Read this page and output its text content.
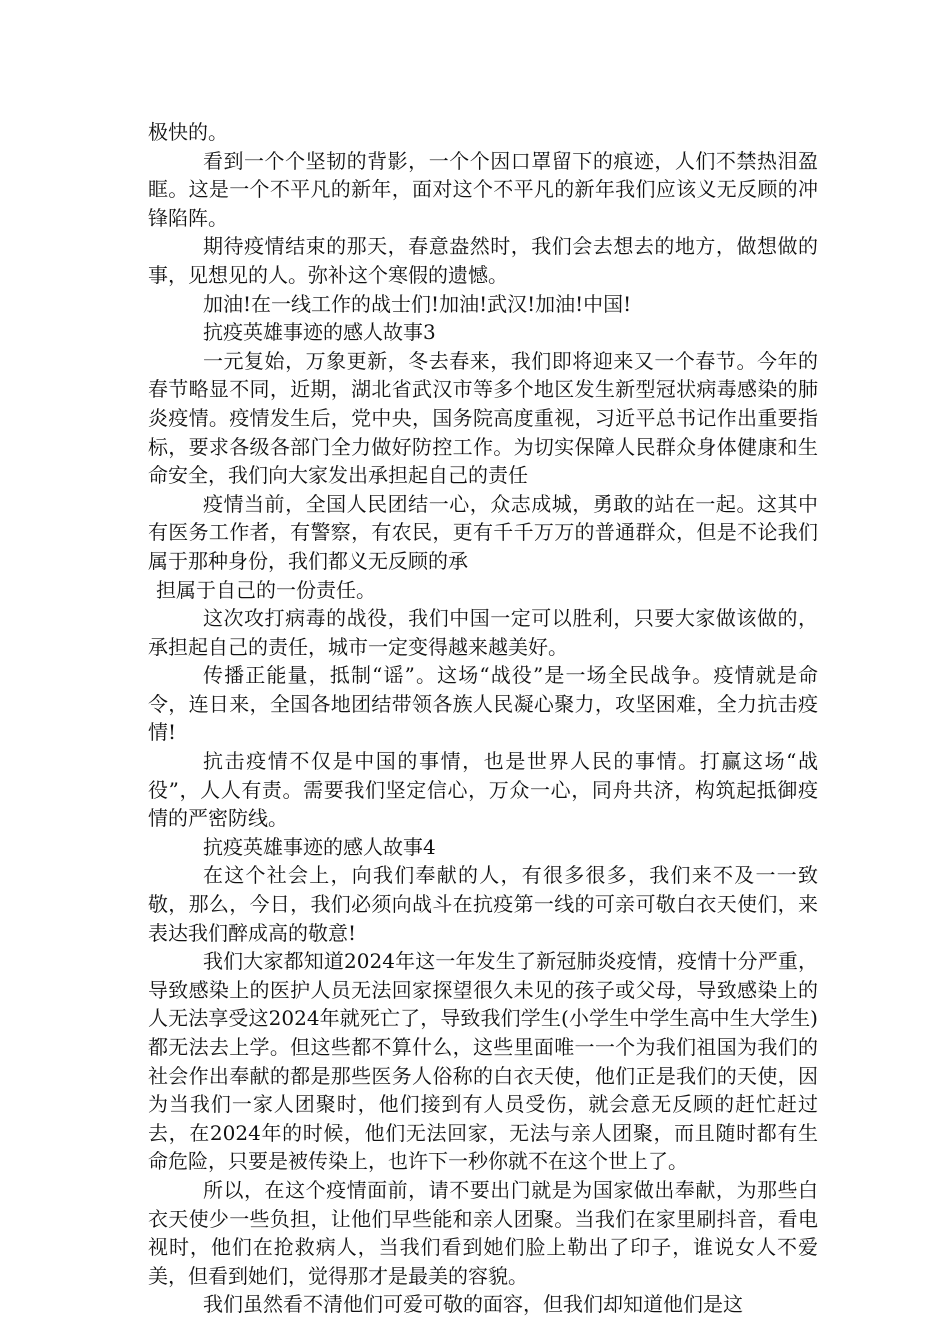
极快的。

看到一个个坚韧的背影，一个个因口罩留下的痕迹，人们不禁热泪盈眶。这是一个不平凡的新年，面对这个不平凡的新年我们应该义无反顾的冲锋陷阵。

期待疫情结束的那天，春意盎然时，我们会去想去的地方，做想做的事，见想见的人。弥补这个寒假的遗憾。

加油!在一线工作的战士们!加油!武汉!加油!中国!

抗疫英雄事迹的感人故事3

一元复始，万象更新，冬去春来，我们即将迎来又一个春节。今年的春节略显不同，近期，湖北省武汉市等多个地区发生新型冠状病毒感染的肺炎疫情。疫情发生后，党中央，国务院高度重视，习近平总书记作出重要指标，要求各级各部门全力做好防控工作。为切实保障人民群众身体健康和生命安全，我们向大家发出承担起自己的责任

疫情当前，全国人民团结一心，众志成城，勇敢的站在一起。这其中有医务工作者，有警察，有农民，更有千千万万的普通群众，但是不论我们属于那种身份，我们都义无反顾的承

担属于自己的一份责任。

这次攻打病毒的战役，我们中国一定可以胜利，只要大家做该做的，承担起自己的责任，城市一定变得越来越美好。

传播正能量，抵制“谣”。这场“战役”是一场全民战争。疫情就是命令，连日来，全国各地团结带领各族人民凝心聚力，攻坚困难，全力抗击疫情!

抗击疫情不仅是中国的事情，也是世界人民的事情。打赢这场“战役”，人人有责。需要我们坚定信心，万众一心，同舟共济，构筑起抵御疫情的严密防线。

抗疫英雄事迹的感人故事4

在这个社会上，向我们奉献的人，有很多很多，我们来不及一一致敬，那么，今日，我们必须向战斗在抗疫第一线的可亲可敬白衣天使们，来表达我们醉成高的敬意!

我们大家都知道2024年这一年发生了新冠肺炎疫情，疫情十分严重，导致感染上的医护人员无法回家探望很久未见的孩子或父母，导致感染上的人无法享受这2024年就死亡了，导致我们学生(小学生中学生高中生大学生)都无法去上学。但这些都不算什么，这些里面唯一一个为我们祖国为我们的社会作出奉献的都是那些医务人俗称的白衣天使，他们正是我们的天使，因为当我们一家人团聚时，他们接到有人员受伤，就会意无反顾的赶忙赶过去，在2024年的时候，他们无法回家，无法与亲人团聚，而且随时都有生命危险，只要是被传染上，也许下一秒你就不在这个世上了。

所以，在这个疫情面前，请不要出门就是为国家做出奉献，为那些白衣天使少一些负担，让他们早些能和亲人团聚。当我们在家里刷抖音，看电视时，他们在抢救病人，当我们看到她们脸上勒出了印子，谁说女人不爱美，但看到她们，觉得那才是最美的容貌。

我们虽然看不清他们可爱可敬的面容，但我们却知道他们是这
